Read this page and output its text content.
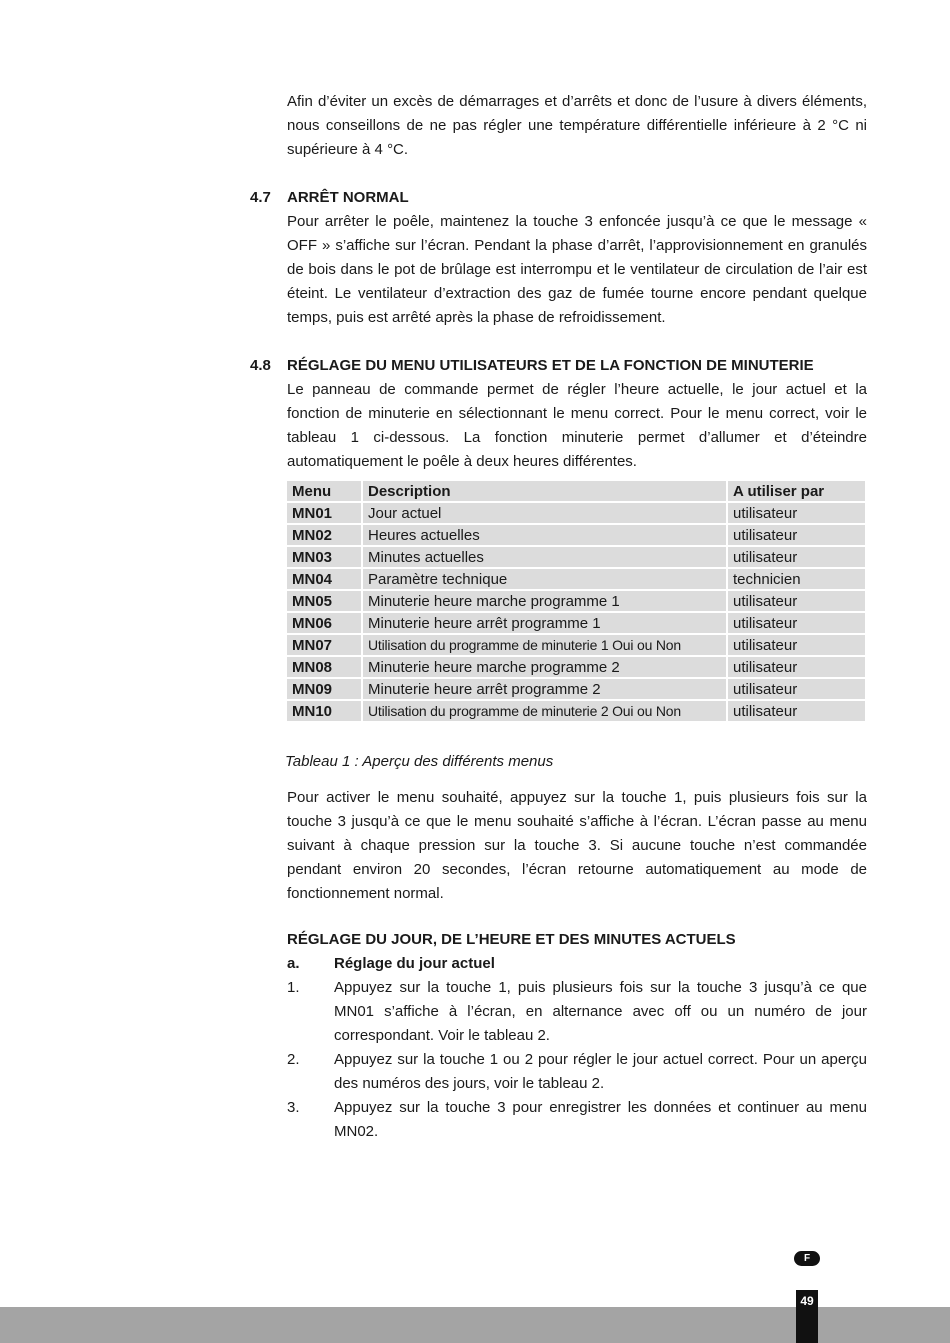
Afin d’éviter un excès de démarrages et d’arrêts et donc de l’usure à divers éléments, nous conseillons de ne pas régler une température différentielle inférieure à 2 °C ni supérieure à 4 °C.

4.7 ARRÊT NORMAL

Pour arrêter le poêle, maintenez la touche 3 enfoncée jusqu’à ce que le message « OFF » s’affiche sur l’écran. Pendant la phase d’arrêt, l’approvisionnement en granulés de bois dans le pot de brûlage est interrompu et le ventilateur de circulation de l’air est éteint. Le ventilateur d’extraction des gaz de fumée tourne encore pendant quelque temps, puis est arrêté après la phase de refroidissement.

4.8 RÉGLAGE DU MENU UTILISATEURS ET DE LA FONCTION DE MINUTERIE

Le panneau de commande permet de régler l’heure actuelle, le jour actuel et la fonction de minuterie en sélectionnant le menu correct. Pour le menu correct, voir le tableau 1 ci-dessous. La fonction minuterie permet d’allumer et d’éteindre automatiquement le poêle à deux heures différentes.

Menu	Description	A utiliser par
MN01	Jour actuel	utilisateur
MN02	Heures actuelles	utilisateur
MN03	Minutes actuelles	utilisateur
MN04	Paramètre technique	technicien
MN05	Minuterie heure marche programme 1	utilisateur
MN06	Minuterie heure arrêt programme 1	utilisateur
MN07	Utilisation du programme de minuterie 1 Oui ou Non	utilisateur
MN08	Minuterie heure marche programme 2	utilisateur
MN09	Minuterie heure arrêt programme 2	utilisateur
MN10	Utilisation du programme de minuterie 2 Oui ou Non	utilisateur

Tableau 1 : Aperçu des différents menus

Pour activer le menu souhaité, appuyez sur la touche 1, puis plusieurs fois sur la touche 3 jusqu’à ce que le menu souhaité s’affiche à l’écran. L’écran passe au menu suivant à chaque pression sur la touche 3. Si aucune touche n’est commandée pendant environ 20 secondes, l’écran retourne automatiquement au mode de fonctionnement normal.

RÉGLAGE DU JOUR, DE L’HEURE ET DES MINUTES ACTUELS
a.	Réglage du jour actuel
1.	Appuyez sur la touche 1, puis plusieurs fois sur la touche 3 jusqu’à ce que MN01 s’affiche à l’écran, en alternance avec off ou un numéro de jour correspondant. Voir le tableau 2.
2.	Appuyez sur la touche 1 ou 2 pour régler le jour actuel correct. Pour un aperçu des numéros des jours, voir le tableau 2.
3.	Appuyez sur la touche 3 pour enregistrer les données et continuer au menu MN02.
F
49
